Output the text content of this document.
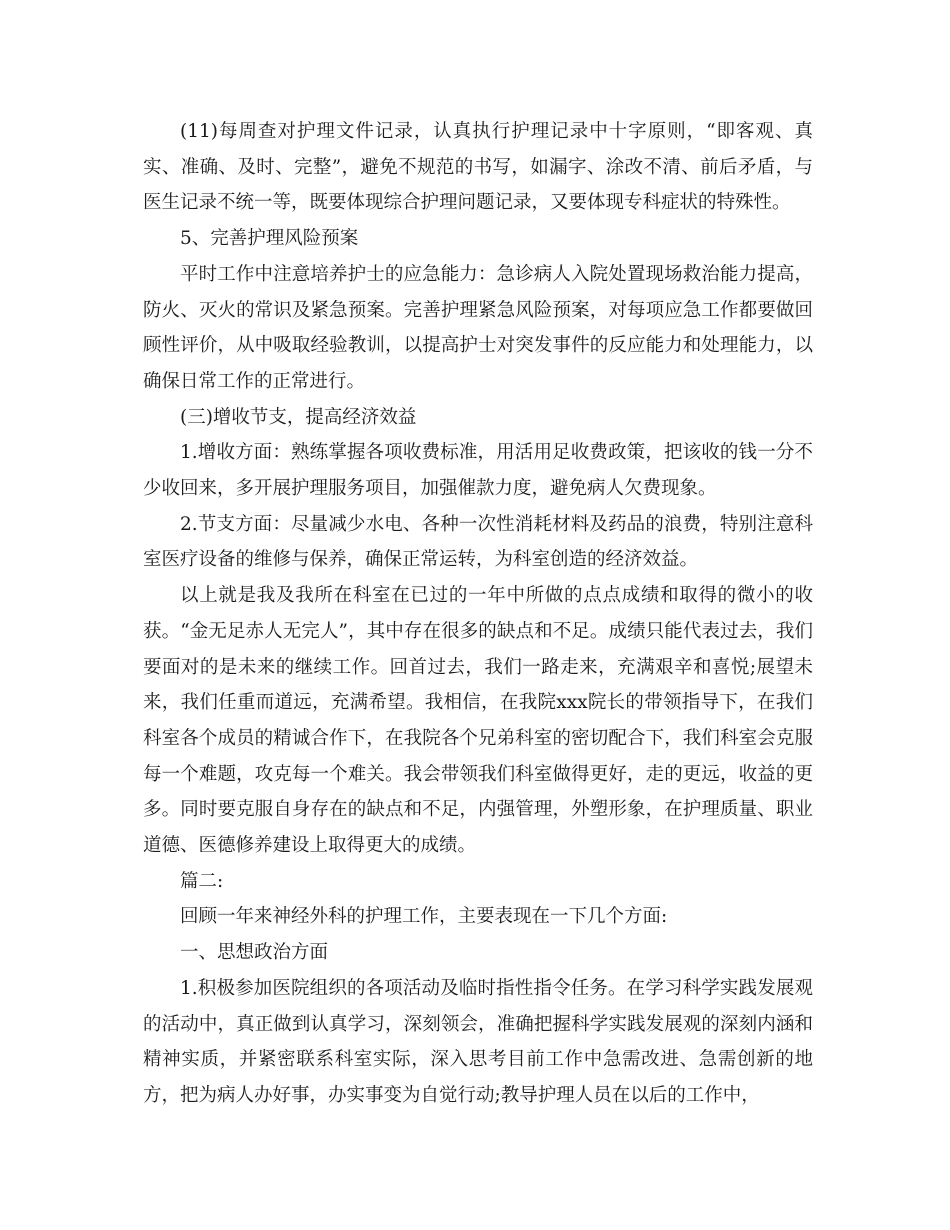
(11)每周查对护理文件记录，认真执行护理记录中十字原则，“即客观、真实、准确、及时、完整”，避免不规范的书写，如漏字、涂改不清、前后矛盾，与医生记录不统一等，既要体现综合护理问题记录，又要体现专科症状的特殊性。

5、完善护理风险预案

平时工作中注意培养护士的应急能力：急诊病人入院处置现场救治能力提高，防火、灭火的常识及紧急预案。完善护理紧急风险预案，对每项应急工作都要做回顾性评价，从中吸取经验教训，以提高护士对突发事件的反应能力和处理能力，以确保日常工作的正常进行。

(三)增收节支，提高经济效益

1.增收方面：熟练掌握各项收费标准，用活用足收费政策，把该收的钱一分不少收回来，多开展护理服务项目，加强催款力度，避免病人欠费现象。

2.节支方面：尽量减少水电、各种一次性消耗材料及药品的浪费，特别注意科室医疗设备的维修与保养，确保正常运转，为科室创造的经济效益。

以上就是我及我所在科室在已过的一年中所做的点点成绩和取得的微小的收获。“金无足赤人无完人”，其中存在很多的缺点和不足。成绩只能代表过去，我们要面对的是未来的继续工作。回首过去，我们一路走来，充满艰辛和喜悦;展望未来，我们任重而道远，充满希望。我相信，在我院xxx院长的带领指导下，在我们科室各个成员的精诚合作下，在我院各个兄弟科室的密切配合下，我们科室会克服每一个难题，攻克每一个难关。我会带领我们科室做得更好，走的更远，收益的更多。同时要克服自身存在的缺点和不足，内强管理，外塑形象，在护理质量、职业道德、医德修养建设上取得更大的成绩。

篇二:

回顾一年来神经外科的护理工作，主要表现在一下几个方面:

一、思想政治方面

1.积极参加医院组织的各项活动及临时指性指令任务。在学习科学实践发展观的活动中，真正做到认真学习，深刻领会，准确把握科学实践发展观的深刻内涵和精神实质，并紧密联系科室实际，深入思考目前工作中急需改进、急需创新的地方，把为病人办好事，办实事变为自觉行动;教导护理人员在以后的工作中，
